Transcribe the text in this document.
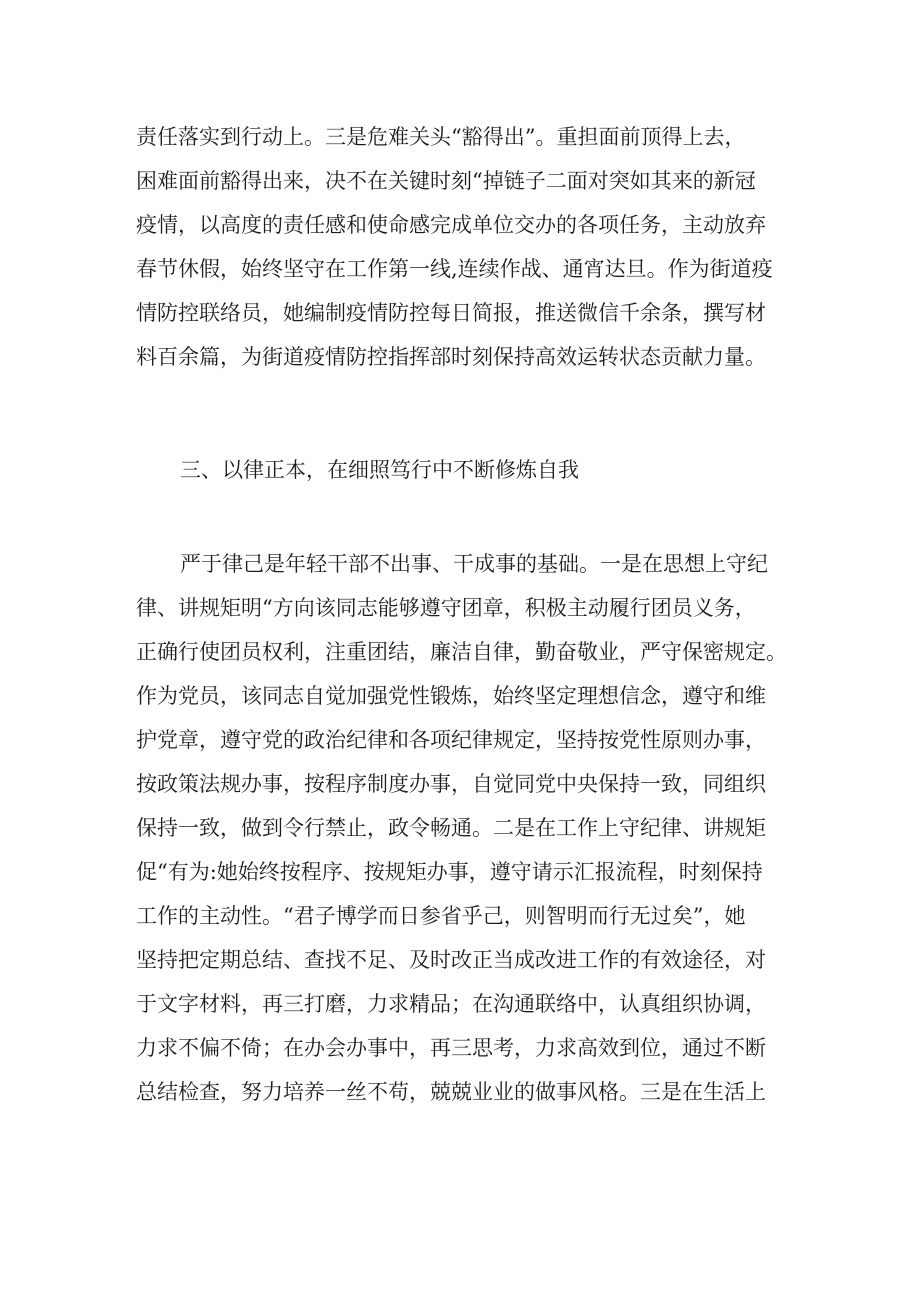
责任落实到行动上。三是危难关头“豁得出”。重担面前顶得上去，
困难面前豁得出来，决不在关键时刻“掉链子二面对突如其来的新冠
疫情，以高度的责任感和使命感完成单位交办的各项任务，主动放弃
春节休假，始终坚守在工作第一线,连续作战、通宵达旦。作为街道疫
情防控联络员，她编制疫情防控每日简报，推送微信千余条，撰写材
料百余篇，为街道疫情防控指挥部时刻保持高效运转状态贡献力量。
三、以律正本，在细照笃行中不断修炼自我
严于律己是年轻干部不出事、干成事的基础。一是在思想上守纪
律、讲规矩明“方向该同志能够遵守团章，积极主动履行团员义务，
正确行使团员权利，注重团结，廉洁自律，勤奋敬业，严守保密规定。
作为党员，该同志自觉加强党性锻炼，始终坚定理想信念，遵守和维
护党章，遵守党的政治纪律和各项纪律规定，坚持按党性原则办事，
按政策法规办事，按程序制度办事，自觉同党中央保持一致，同组织
保持一致，做到令行禁止，政令畅通。二是在工作上守纪律、讲规矩
促“有为:她始终按程序、按规矩办事，遵守请示汇报流程，时刻保持
工作的主动性。“君子博学而日参省乎己，则智明而行无过矣”，她
坚持把定期总结、查找不足、及时改正当成改进工作的有效途径，对
于文字材料，再三打磨，力求精品；在沟通联络中，认真组织协调，
力求不偏不倚；在办会办事中，再三思考，力求高效到位，通过不断
总结检查，努力培养一丝不苟，兢兢业业的做事风格。三是在生活上
